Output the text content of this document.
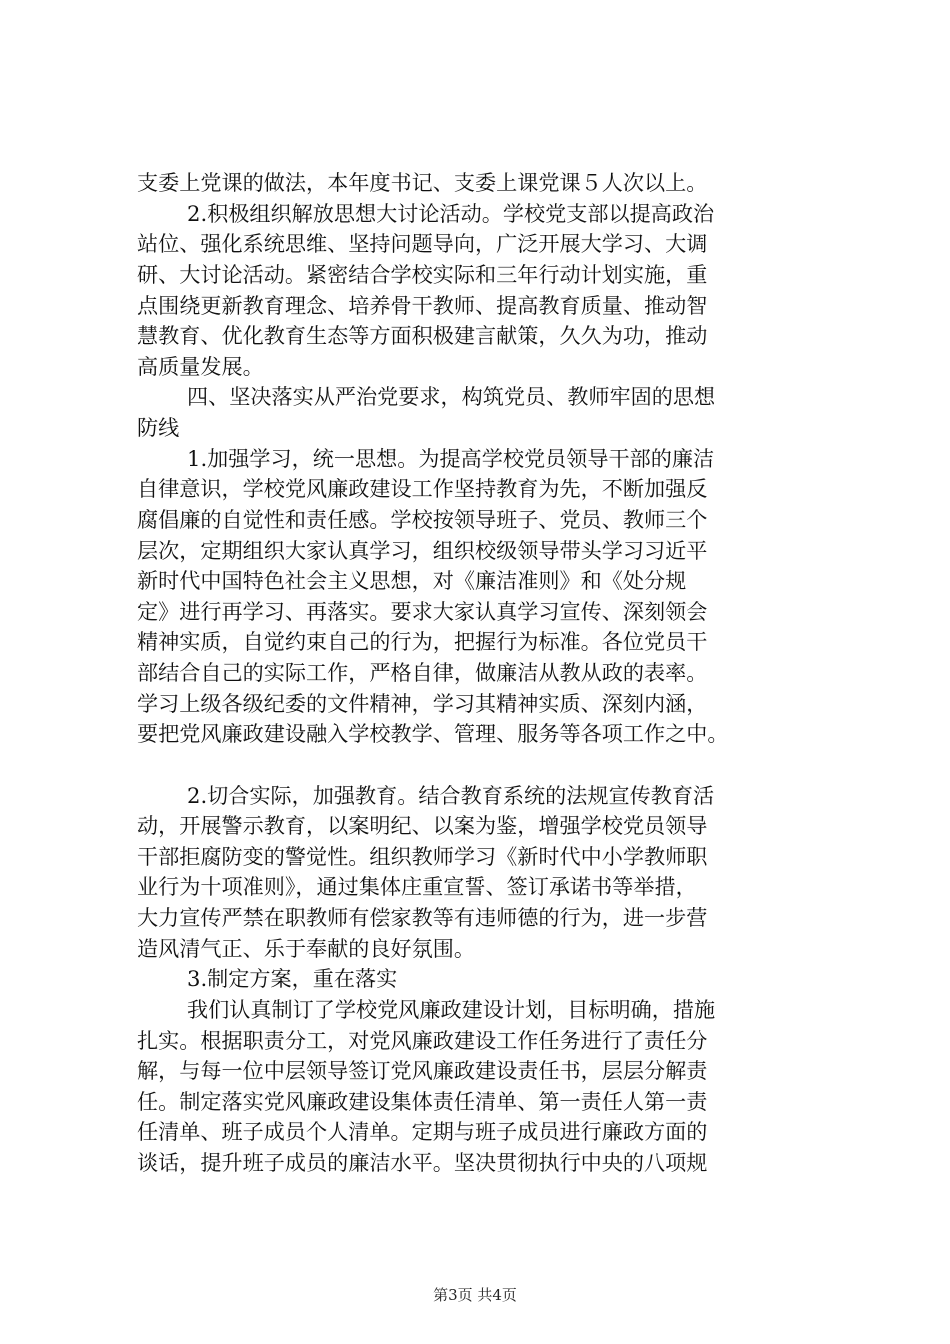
支委上党课的做法，本年度书记、支委上课党课５人次以上。
2.积极组织解放思想大讨论活动。学校党支部以提高政治
站位、强化系统思维、坚持问题导向，广泛开展大学习、大调
研、大讨论活动。紧密结合学校实际和三年行动计划实施，重
点围绕更新教育理念、培养骨干教师、提高教育质量、推动智
慧教育、优化教育生态等方面积极建言献策，久久为功，推动
高质量发展。
四、坚决落实从严治党要求，构筑党员、教师牢固的思想
防线
1.加强学习，统一思想。为提高学校党员领导干部的廉洁
自律意识，学校党风廉政建设工作坚持教育为先，不断加强反
腐倡廉的自觉性和责任感。学校按领导班子、党员、教师三个
层次，定期组织大家认真学习，组织校级领导带头学习习近平
新时代中国特色社会主义思想，对《廉洁准则》和《处分规
定》进行再学习、再落实。要求大家认真学习宣传、深刻领会
精神实质，自觉约束自己的行为，把握行为标准。各位党员干
部结合自己的实际工作，严格自律，做廉洁从教从政的表率。
学习上级各级纪委的文件精神，学习其精神实质、深刻内涵，
要把党风廉政建设融入学校教学、管理、服务等各项工作之中。
2.切合实际，加强教育。结合教育系统的法规宣传教育活
动，开展警示教育，以案明纪、以案为鉴，增强学校党员领导
干部拒腐防变的警觉性。组织教师学习《新时代中小学教师职
业行为十项准则》，通过集体庄重宣誓、签订承诺书等举措，
大力宣传严禁在职教师有偿家教等有违师德的行为，进一步营
造风清气正、乐于奉献的良好氛围。
3.制定方案，重在落实
我们认真制订了学校党风廉政建设计划，目标明确，措施
扎实。根据职责分工，对党风廉政建设工作任务进行了责任分
解，与每一位中层领导签订党风廉政建设责任书，层层分解责
任。制定落实党风廉政建设集体责任清单、第一责任人第一责
任清单、班子成员个人清单。定期与班子成员进行廉政方面的
谈话，提升班子成员的廉洁水平。坚决贯彻执行中央的八项规
第3页 共4页
